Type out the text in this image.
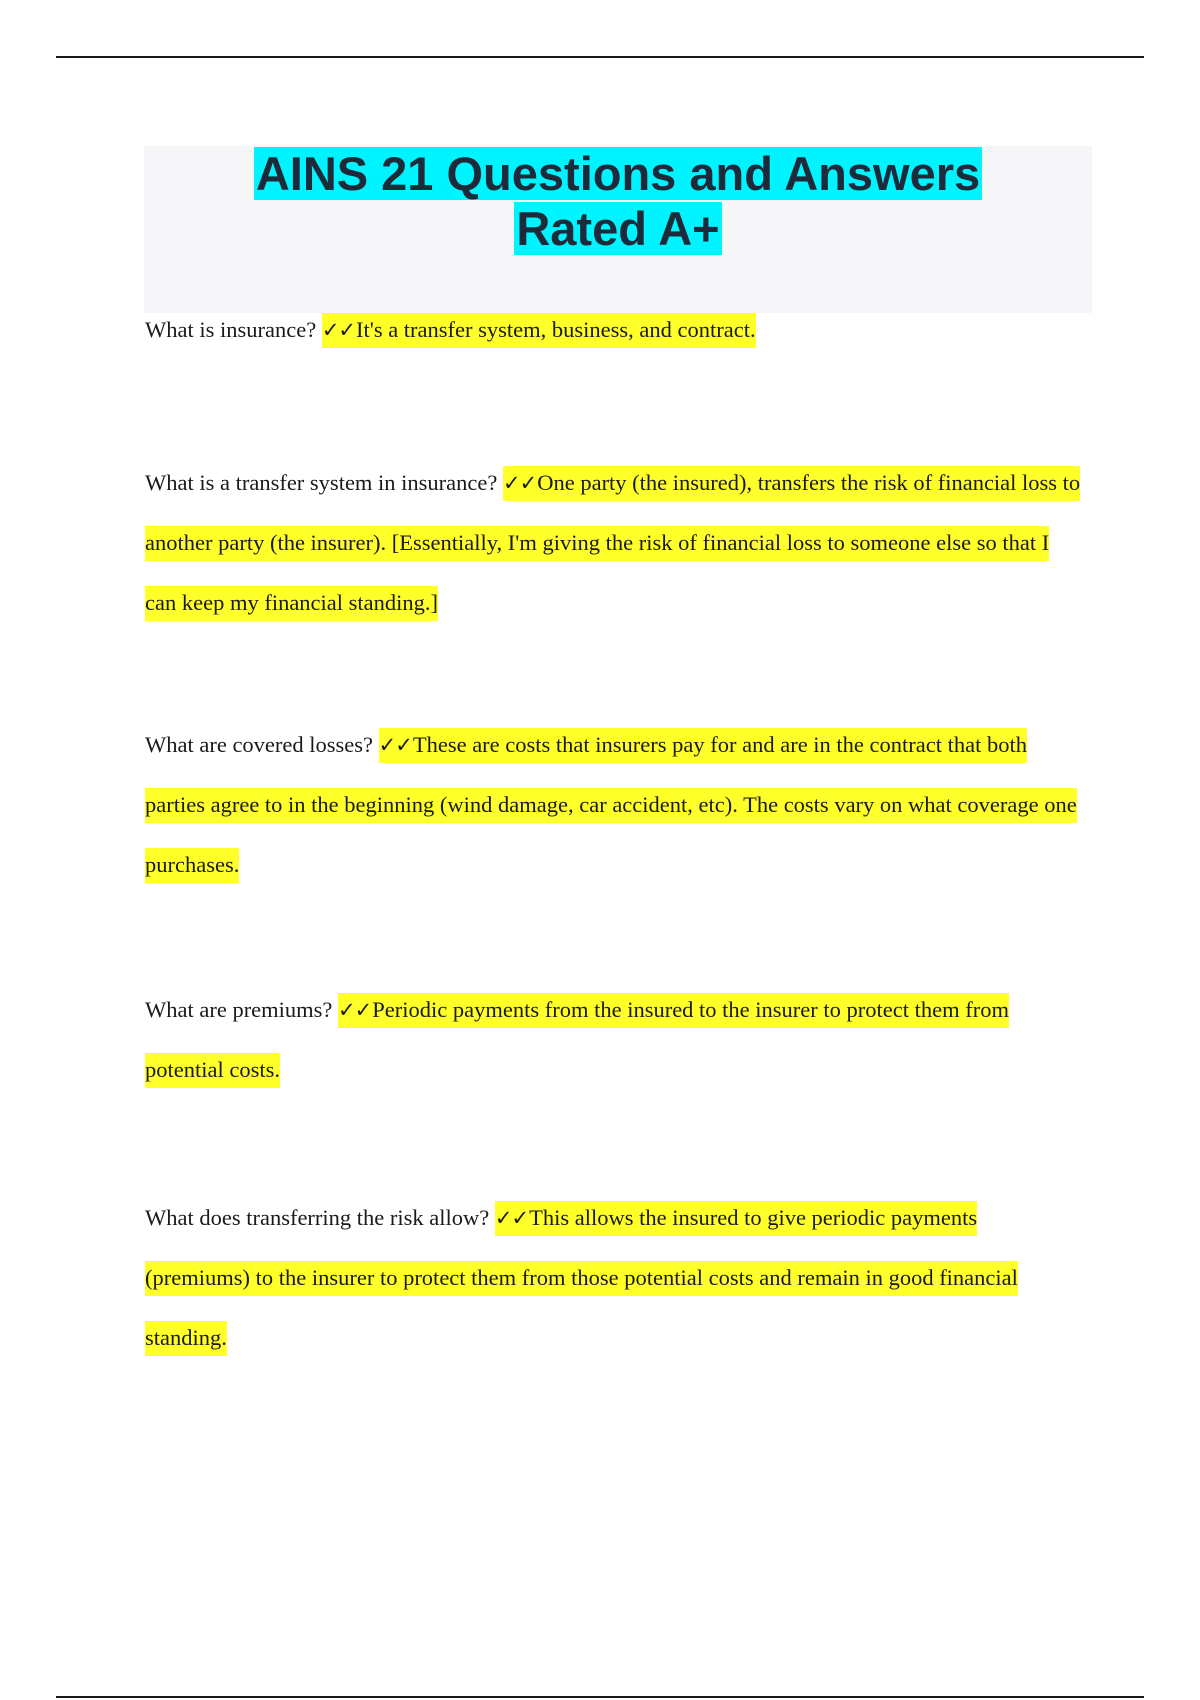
AINS 21 Questions and Answers
Rated A+

What is insurance? ✓✓It's a transfer system, business, and contract.

What is a transfer system in insurance? ✓✓One party (the insured), transfers the risk of financial loss to another party (the insurer). [Essentially, I'm giving the risk of financial loss to someone else so that I can keep my financial standing.]

What are covered losses? ✓✓These are costs that insurers pay for and are in the contract that both parties agree to in the beginning (wind damage, car accident, etc). The costs vary on what coverage one purchases.

What are premiums? ✓✓Periodic payments from the insured to the insurer to protect them from potential costs.

What does transferring the risk allow? ✓✓This allows the insured to give periodic payments (premiums) to the insurer to protect them from those potential costs and remain in good financial standing.
